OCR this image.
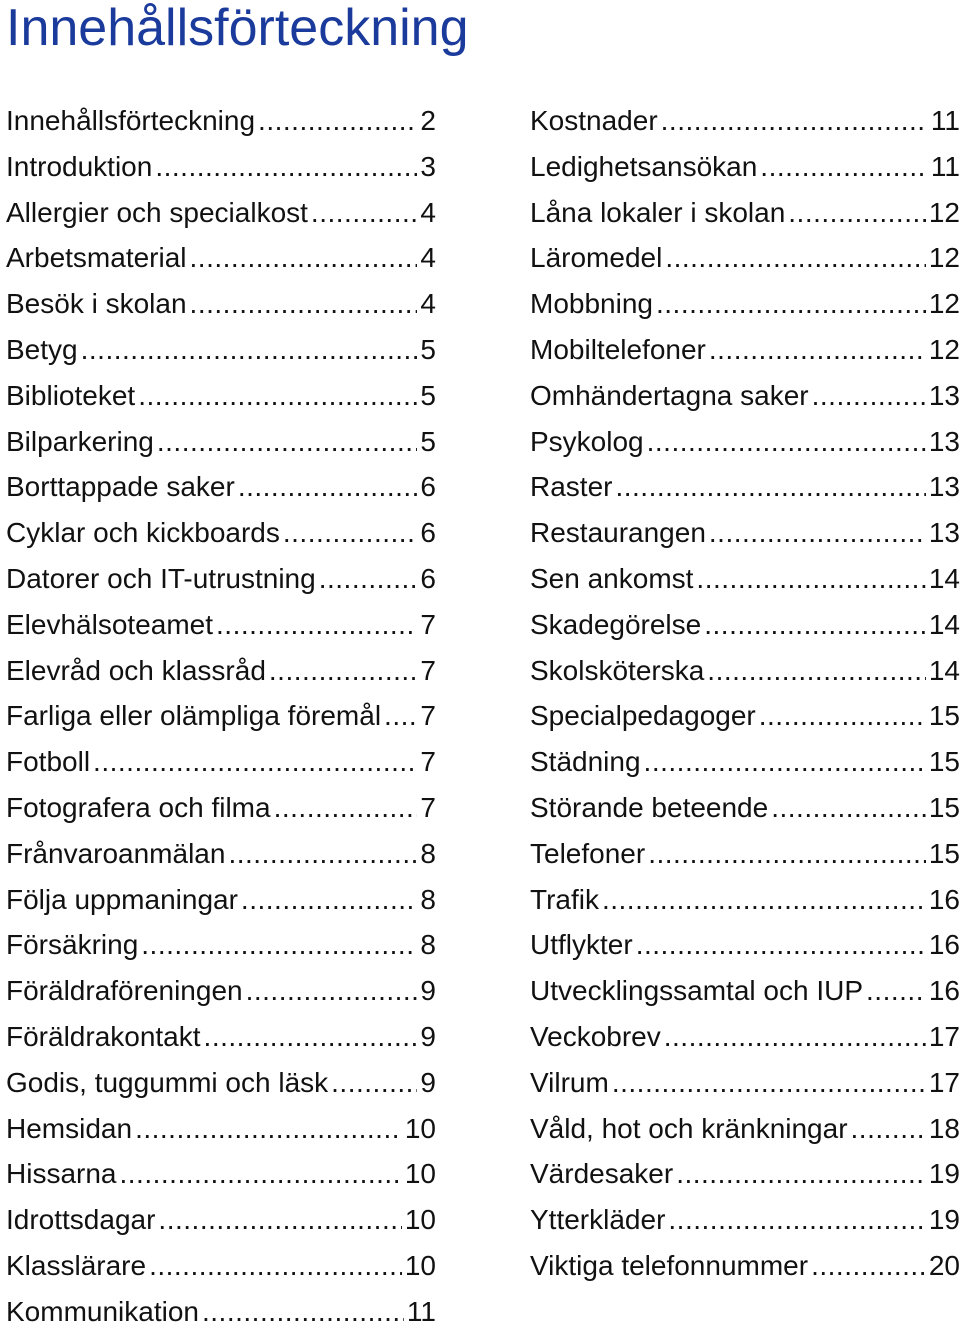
Innehållsförteckning
Innehållsförteckning .....	2
Introduktion .....	3
Allergier och specialkost .....	4
Arbetsmaterial .....	4
Besök i skolan .....	4
Betyg .....	5
Biblioteket .....	5
Bilparkering .....	5
Borttappade saker .....	6
Cyklar och kickboards .....	6
Datorer och IT-utrustning .....	6
Elevhälsoteamet .....	7
Elevråd och klassråd .....	7
Farliga eller olämpliga föremål ..... 7
Fotboll .....	7
Fotografera och filma .....	7
Frånvaroanmälan .....	8
Följa uppmaningar .....	8
Försäkring .....	8
Föräldraföreningen .....	9
Föräldrakontakt .....	9
Godis, tuggummi och läsk .....	9
Hemsidan .....	10
Hissarna .....	10
Idrottsdagar .....	10
Klasslärare .....	10
Kommunikation .....	11
Kostnader .....	11
Ledighetsansökan .....	11
Låna lokaler i skolan .....	12
Läromedel .....	12
Mobbning .....	12
Mobiltelefoner .....	12
Omhändertagna saker .....	13
Psykolog .....	13
Raster .....	13
Restaurangen .....	13
Sen ankomst .....	14
Skadegörelse .....	14
Skolsköterska .....	14
Specialpedagoger .....	15
Städning .....	15
Störande beteende .....	15
Telefoner .....	15
Trafik .....	16
Utflykter .....	16
Utvecklingssamtal och IUP ..... 16
Veckobrev .....	17
Vilrum .....	17
Våld, hot och kränkningar .....	18
Värdesaker .....	19
Ytterkläder .....	19
Viktiga telefonnummer .....	20
